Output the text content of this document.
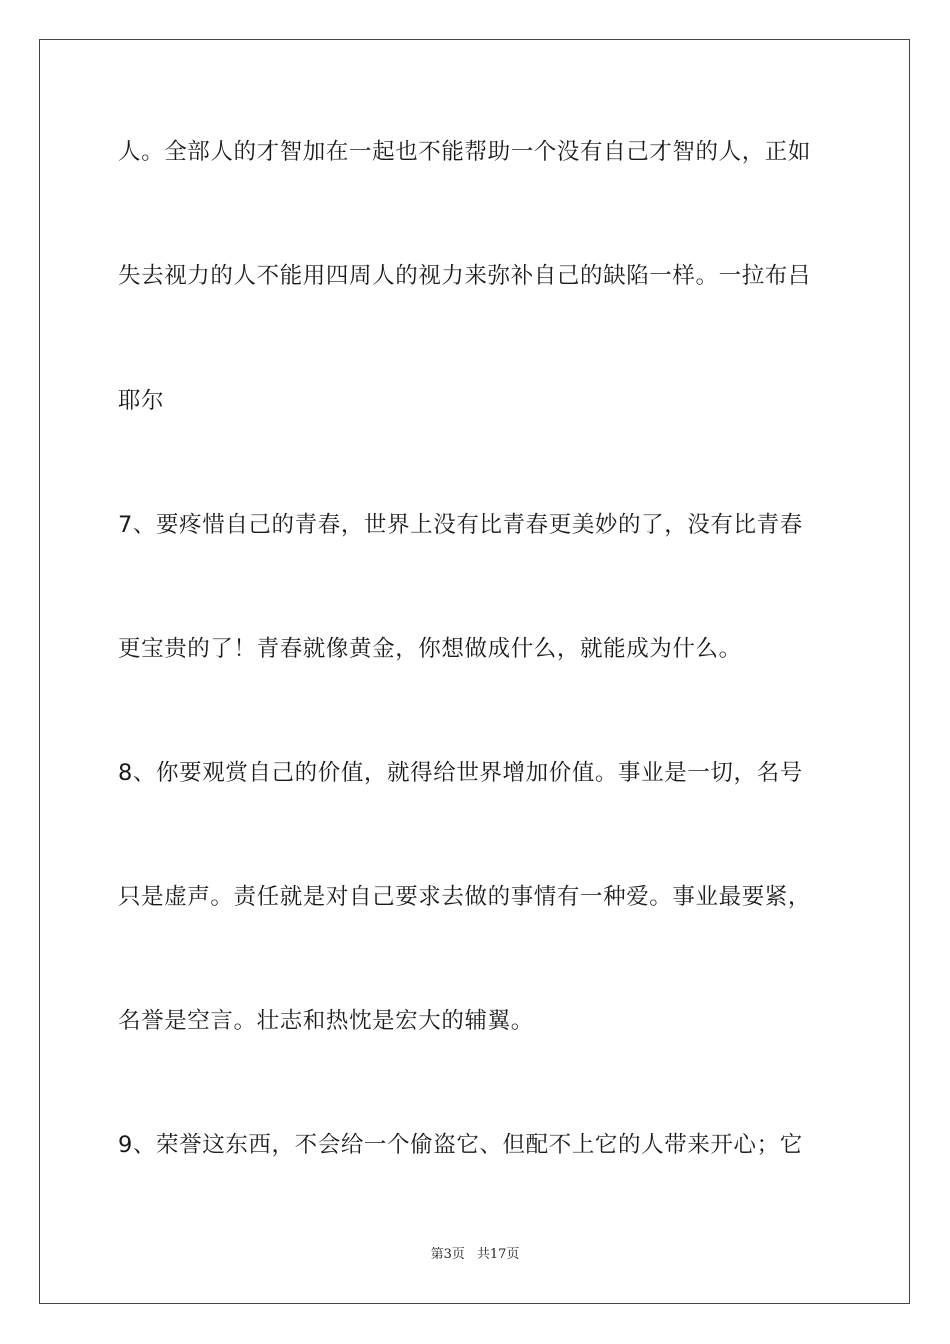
人。全部人的才智加在一起也不能帮助一个没有自己才智的人，正如
失去视力的人不能用四周人的视力来弥补自己的缺陷一样。一拉布吕
耶尔
7、要疼惜自己的青春，世界上没有比青春更美妙的了，没有比青春
更宝贵的了！青春就像黄金，你想做成什么，就能成为什么。
8、你要观赏自己的价值，就得给世界增加价值。事业是一切，名号
只是虚声。责任就是对自己要求去做的事情有一种爱。事业最要紧，
名誉是空言。壮志和热忱是宏大的辅翼。
9、荣誉这东西，不会给一个偷盗它、但配不上它的人带来开心；它
第3页 共17页
